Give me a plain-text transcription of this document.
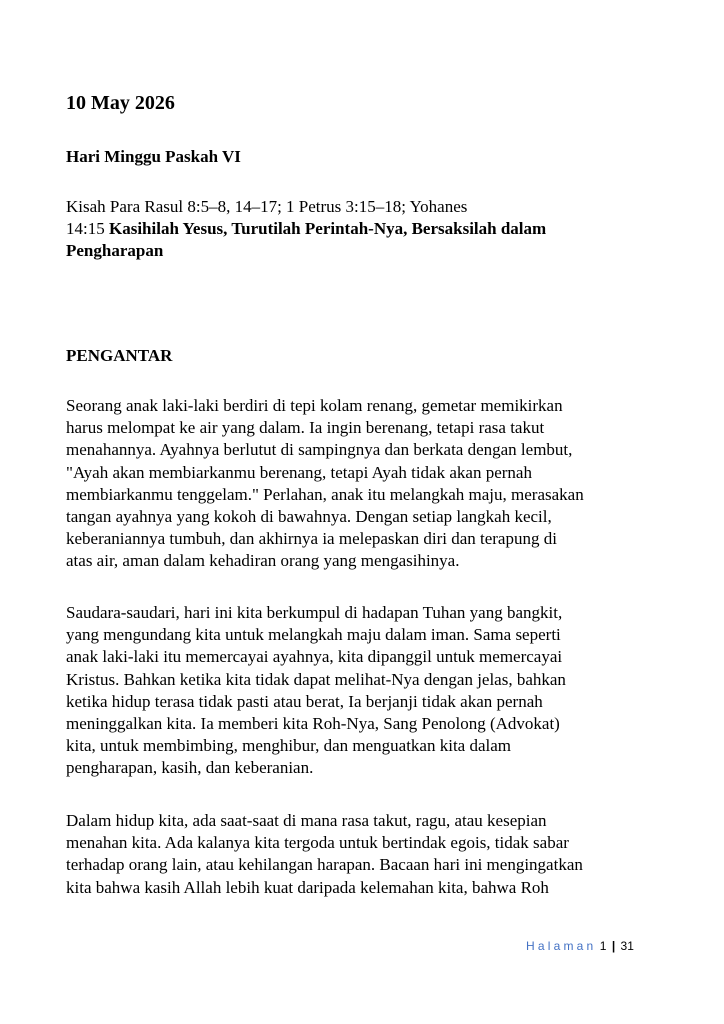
10 May 2026
Hari Minggu Paskah VI

Kisah Para Rasul 8:5–8, 14–17; 1 Petrus 3:15–18; Yohanes
14:15 Kasihilah Yesus, Turutilah Perintah-Nya, Bersaksilah dalam
Pengharapan

PENGANTAR

Seorang anak laki-laki berdiri di tepi kolam renang, gemetar memikirkan
harus melompat ke air yang dalam. Ia ingin berenang, tetapi rasa takut
menahannya. Ayahnya berlutut di sampingnya dan berkata dengan lembut,
"Ayah akan membiarkanmu berenang, tetapi Ayah tidak akan pernah
membiarkanmu tenggelam." Perlahan, anak itu melangkah maju, merasakan
tangan ayahnya yang kokoh di bawahnya. Dengan setiap langkah kecil,
keberaniannya tumbuh, dan akhirnya ia melepaskan diri dan terapung di
atas air, aman dalam kehadiran orang yang mengasihinya.

Saudara-saudari, hari ini kita berkumpul di hadapan Tuhan yang bangkit,
yang mengundang kita untuk melangkah maju dalam iman. Sama seperti
anak laki-laki itu memercayai ayahnya, kita dipanggil untuk memercayai
Kristus. Bahkan ketika kita tidak dapat melihat-Nya dengan jelas, bahkan
ketika hidup terasa tidak pasti atau berat, Ia berjanji tidak akan pernah
meninggalkan kita. Ia memberi kita Roh-Nya, Sang Penolong (Advokat)
kita, untuk membimbing, menghibur, dan menguatkan kita dalam
pengharapan, kasih, dan keberanian.

Dalam hidup kita, ada saat-saat di mana rasa takut, ragu, atau kesepian
menahan kita. Ada kalanya kita tergoda untuk bertindak egois, tidak sabar
terhadap orang lain, atau kehilangan harapan. Bacaan hari ini mengingatkan
kita bahwa kasih Allah lebih kuat daripada kelemahan kita, bahwa Roh

Halaman 1 | 31
